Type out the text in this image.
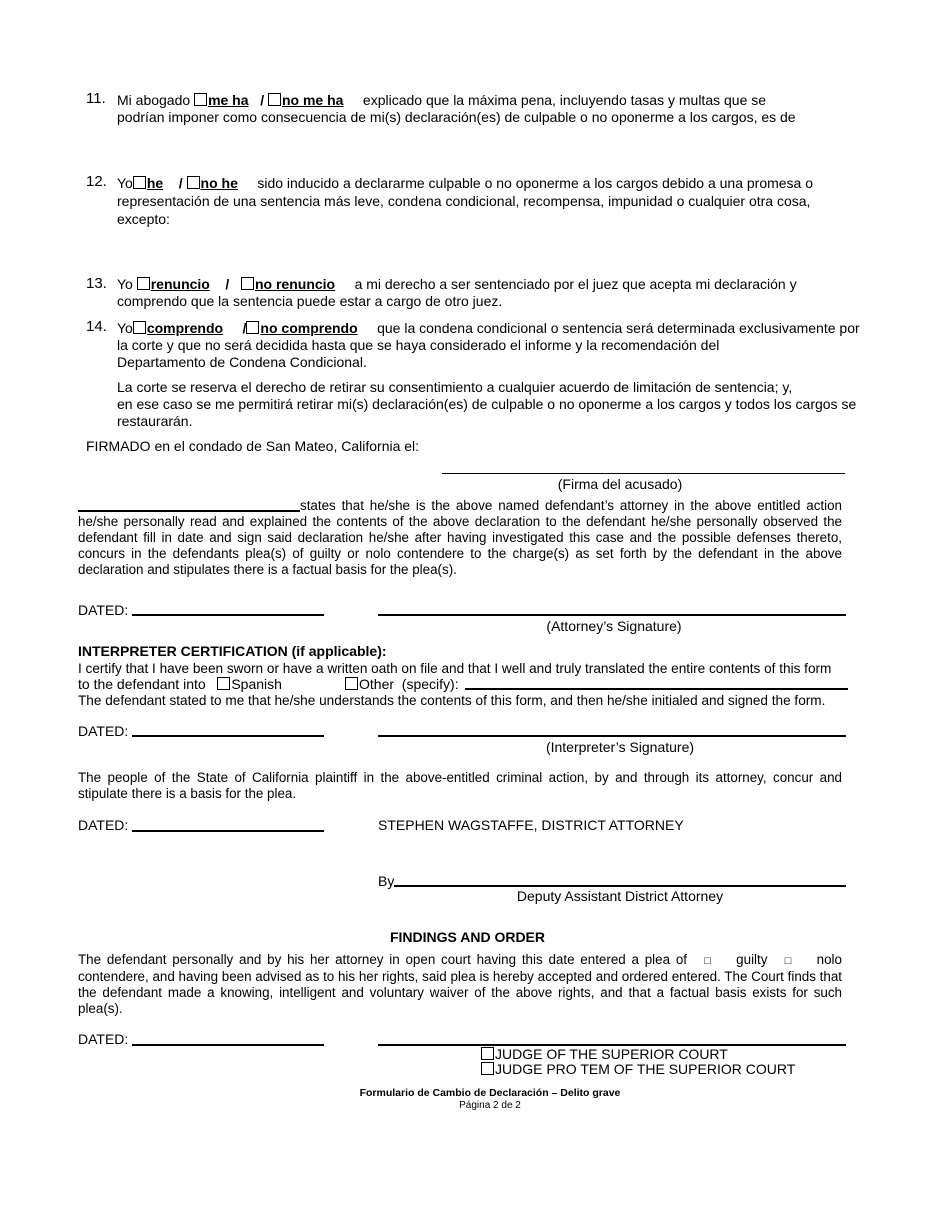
11. Mi abogado me ha / no me ha explicado que la máxima pena, incluyendo tasas y multas que se
podrían imponer como consecuencia de mi(s) declaración(es) de culpable o no oponerme a los cargos, es de
12. Yo he / no he sido inducido a declararme culpable o no oponerme a los cargos debido a una promesa o
representación de una sentencia más leve, condena condicional, recompensa, impunidad o cualquier otra cosa,
excepto:
13. Yo renuncio / no renuncio a mi derecho a ser sentenciado por el juez que acepta mi declaración y
comprendo que la sentencia puede estar a cargo de otro juez.
14. Yo comprendo / no comprendo que la condena condicional o sentencia será determinada exclusivamente por
la corte y que no será decidida hasta que se haya considerado el informe y la recomendación del
Departamento de Condena Condicional.
La corte se reserva el derecho de retirar su consentimiento a cualquier acuerdo de limitación de sentencia; y,
en ese caso se me permitirá retirar mi(s) declaración(es) de culpable o no oponerme a los cargos y todos los cargos se
restaurarán.
FIRMADO en el condado de San Mateo, California el:
(Firma del acusado)
states that he/she is the above named defendant’s attorney in the above entitled action he/she personally read and explained the contents of the above declaration to the defendant he/she personally observed the defendant fill in date and sign said declaration he/she after having investigated this case and the possible defenses thereto, concurs in the defendants plea(s) of guilty or nolo contendere to the charge(s) as set forth by the defendant in the above declaration and stipulates there is a factual basis for the plea(s).
DATED:
(Attorney’s Signature)
INTERPRETER CERTIFICATION (if applicable):
I certify that I have been sworn or have a written oath on file and that I well and truly translated the entire contents of this form
to the defendant into Spanish	Other (specify):
The defendant stated to me that he/she understands the contents of this form, and then he/she initialed and signed the form.
DATED:
(Interpreter’s Signature)
The people of the State of California plaintiff in the above-entitled criminal action, by and through its attorney, concur and stipulate there is a basis for the plea.
DATED:	STEPHEN WAGSTAFFE, DISTRICT ATTORNEY
By
Deputy Assistant District Attorney
FINDINGS AND ORDER
The defendant personally and by his her attorney in open court having this date entered a plea of □ guilty □ nolo contendere, and having been advised as to his her rights, said plea is hereby accepted and ordered entered. The Court finds that the defendant made a knowing, intelligent and voluntary waiver of the above rights, and that a factual basis exists for such plea(s).
DATED:
JUDGE OF THE SUPERIOR COURT
JUDGE PRO TEM OF THE SUPERIOR COURT
Formulario de Cambio de Declaración – Delito grave
Página 2 de 2
